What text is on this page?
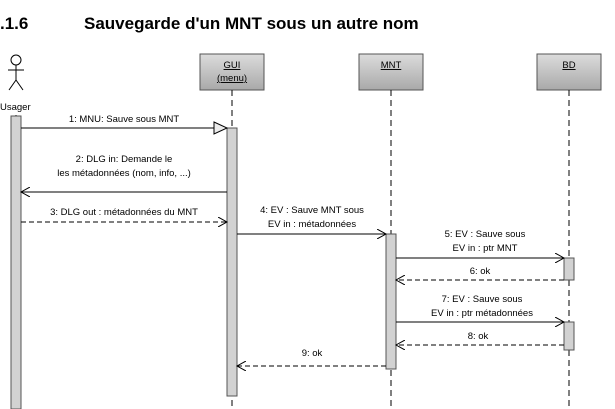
.1.6	Sauvegarde d'un MNT sous un autre nom
Usager
GUI
(menu)
MNT	BD
1: MNU: Sauve sous MNT
2: DLG in: Demande le
les métadonnées (nom, info, ...)
3: DLG out : métadonnées du MNT	4: EV : Sauve MNT sous
EV in : métadonnées
5: EV : Sauve sous
EV in : ptr MNT
6: ok
7: EV : Sauve sous
EV in : ptr métadonnées
8: ok
9: ok
